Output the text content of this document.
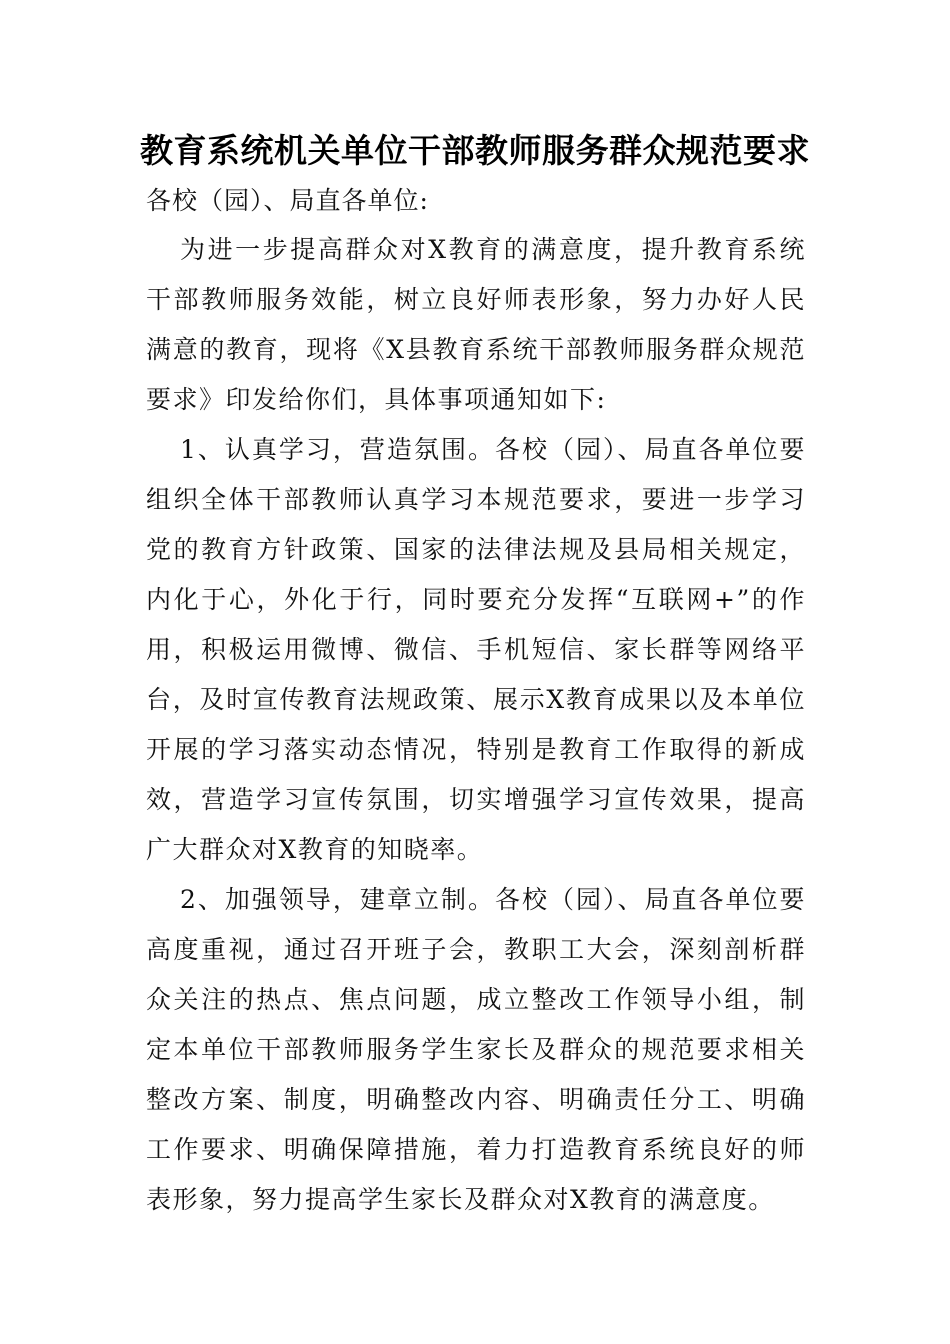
教育系统机关单位干部教师服务群众规范要求
各校（园）、局直各单位:

为进一步提高群众对X教育的满意度，提升教育系统干部教师服务效能，树立良好师表形象，努力办好人民满意的教育，现将《X县教育系统干部教师服务群众规范要求》印发给你们，具体事项通知如下:

1、认真学习，营造氛围。各校（园）、局直各单位要组织全体干部教师认真学习本规范要求，要进一步学习党的教育方针政策、国家的法律法规及县局相关规定，内化于心，外化于行，同时要充分发挥“互联网+”的作用，积极运用微博、微信、手机短信、家长群等网络平台，及时宣传教育法规政策、展示X教育成果以及本单位开展的学习落实动态情况，特别是教育工作取得的新成效，营造学习宣传氛围，切实增强学习宣传效果，提高广大群众对X教育的知晓率。

2、加强领导，建章立制。各校（园）、局直各单位要高度重视，通过召开班子会，教职工大会，深刻剖析群众关注的热点、焦点问题，成立整改工作领导小组，制定本单位干部教师服务学生家长及群众的规范要求相关整改方案、制度，明确整改内容、明确责任分工、明确工作要求、明确保障措施，着力打造教育系统良好的师表形象，努力提高学生家长及群众对X教育的满意度。
